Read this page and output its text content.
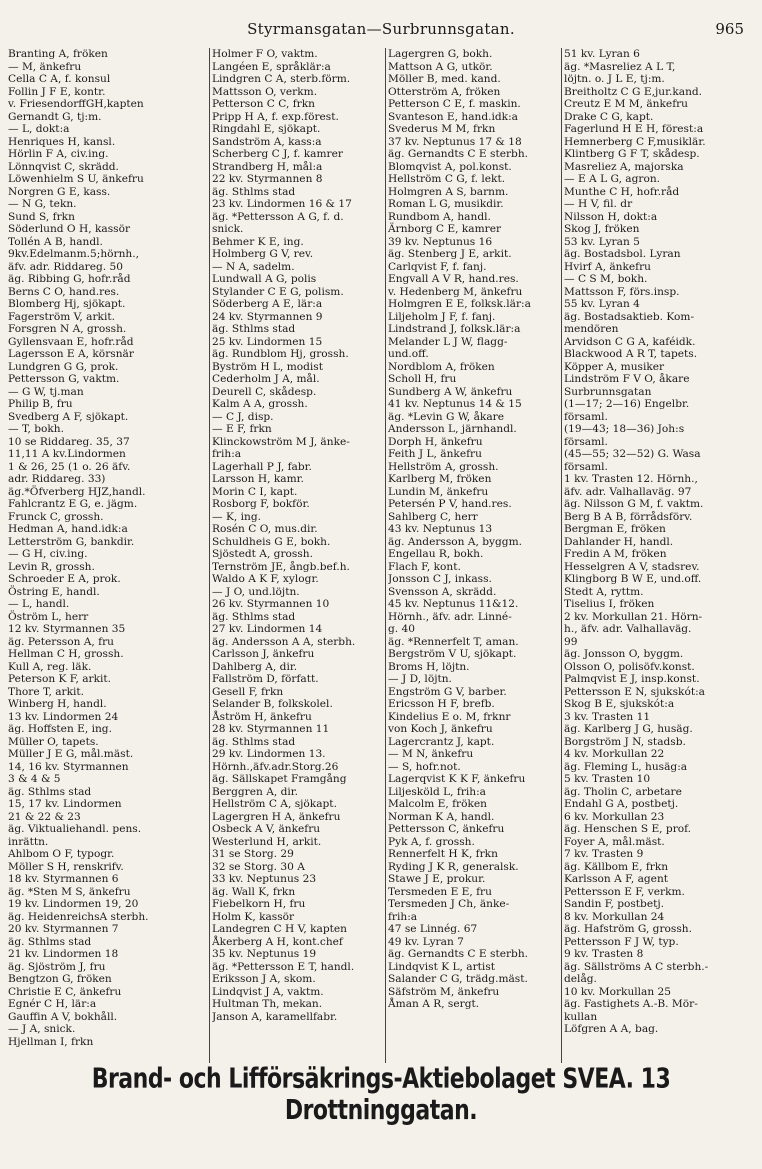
Styrmansgatan—Surbrunnsgatan.	965
Branting A, fröken
— M, änkefru
Cella C A, f. konsul
Follin J F E, kontr.
v. FriesendorffGH,kapten
Gernandt G, tj:m.
— L, dokt:a
Henriques H, kansl.
Hörlin F A, civ.ing.
Lönnqvist C, skrädd.
Löwenhielm S U, änkefru
Norgren G E, kass.
— N G, tekn.
Sund S, frkn
Söderlund O H, kassör
Tollén A B, handl.
9kv.Edelmanm.5;hörnh.,
äfv. adr. Riddareg. 50
äg. Ribbing G, hofr.råd
Berns C O, hand.res.
Blomberg Hj, sjökapt.
Fagerström V, arkit.
Forsgren N A, grossh.
Gyllensvaan E, hofr.råd
Lagersson E A, körsnär
Lundgren G G, prok.
Pettersson G, vaktm.
— G W, tj.man
Philip B, fru
Svedberg A F, sjökapt.
— T, bokh.
10 se Riddareg. 35, 37
11,11 A kv.Lindormen
1 & 26, 25 (1 o. 26 äfv.
adr. Riddareg. 33)
äg.*Öfverberg HJZ,handl.
Fahlcrantz E G, e. jägm.
Frunck C, grossh.
Hedman A, hand.idk:a
Letterström G, bankdir.
— G H, civ.ing.
Levin R, grossh.
Schroeder E A, prok.
Östring E, handl.
— L, handl.
Öström L, herr
12 kv. Styrmannen 35
äg. Petersson A, fru
Hellman C H, grossh.
Kull A, reg. läk.
Peterson K F, arkit.
Thore T, arkit.
Winberg H, handl.
13 kv. Lindormen 24
äg. Hoffsten E, ing.
Müller O, tapets.
Müller J E G, mål.mäst.
14, 16 kv. Styrmannen
3 & 4 & 5
äg. Sthlms stad
15, 17 kv. Lindormen
21 & 22 & 23
äg. Viktualiehandl. pens.
inrättn.
Ahlbom O F, typogr.
Möller S H, renskrifv.
18 kv. Styrmannen 6
äg. *Sten M S, änkefru
19 kv. Lindormen 19, 20
äg. HeidenreichsA sterbh.
20 kv. Styrmannen 7
äg. Sthlms stad
21 kv. Lindormen 18
äg. Sjöström J, fru
Bengtzon G, fröken
Christie E C, änkefru
Egnér C H, lär:a
Gauffin A V, bokhåll.
— J A, snick.
Hjellman I, frkn
Holmer F O, vaktm.
Langéen E, språklär:a
Lindgren C A, sterb.förm.
Mattsson O, verkm.
Petterson C C, frkn
Pripp H A, f. exp.förest.
Ringdahl E, sjökapt.
Sandström A, kass:a
Scherberg C J, f. kamrer
Strandberg H, mål:a
22 kv. Styrmannen 8
äg. Sthlms stad
23 kv. Lindormen 16 & 17
äg. *Pettersson A G, f. d.
snick.
Behmer K E, ing.
Holmberg G V, rev.
— N A, sadelm.
Lundwall A G, polis
Stylander C E G, polism.
Söderberg A E, lär:a
24 kv. Styrmannen 9
äg. Sthlms stad
25 kv. Lindormen 15
äg. Rundblom Hj, grossh.
Byström H L, modist
Cederholm J A, mål.
Deurell C, skådesp.
Kalm A A, grossh.
— C J, disp.
— E F, frkn
Klinckowström M J, änke-
frih:a
Lagerhall P J, fabr.
Larsson H, kamr.
Morin C I, kapt.
Rosborg F, bokför.
— K, ing.
Rosén C O, mus.dir.
Schuldheis G E, bokh.
Sjöstedt A, grossh.
Ternström JE, ångb.bef.h.
Waldo A K F, xylogr.
— J O, und.löjtn.
26 kv. Styrmannen 10
äg. Sthlms stad
27 kv. Lindormen 14
äg. Andersson A A, sterbh.
Carlsson J, änkefru
Dahlberg A, dir.
Fallström D, författ.
Gesell F, frkn
Selander B, folkskolel.
Åström H, änkefru
28 kv. Styrmannen 11
äg. Sthlms stad
29 kv. Lindormen 13.
Hörnh.,äfv.adr.Storg.26
äg. Sällskapet Framgång
Berggren A, dir.
Hellström C A, sjökapt.
Lagergren H A, änkefru
Osbeck A V, änkefru
Westerlund H, arkit.
31 se Storg. 29
32 se Storg. 30 A
33 kv. Neptunus 23
äg. Wall K, frkn
Fiebelkorn H, fru
Holm K, kassör
Landegren C H V, kapten
Åkerberg A H, kont.chef
35 kv. Neptunus 19
äg. *Pettersson E T, handl.
Eriksson J A, skom.
Lindqvist J A, vaktm.
Hultman Th, mekan.
Janson A, karamellfabr.
Lagergren G, bokh.
Mattson A G, utkör.
Möller B, med. kand.
Otterström A, fröken
Petterson C E, f. maskin.
Svanteson E, hand.idk:a
Svederus M M, frkn
37 kv. Neptunus 17 & 18
äg. Gernandts C E sterbh.
Blomqvist A, pol.konst.
Hellström C G, f. lekt.
Holmgren A S, barnm.
Roman L G, musikdir.
Rundbom A, handl.
Ärnborg C E, kamrer
39 kv. Neptunus 16
äg. Stenberg J E, arkit.
Carlqvist F, f. fanj.
Engvall A V R, hand.res.
v. Hedenberg M, änkefru
Holmgren E E, folksk.lär:a
Liljeholm J F, f. fanj.
Lindstrand J, folksk.lär:a
Melander L J W, flagg-
und.off.
Nordblom A, fröken
Scholl H, fru
Sundberg A W, änkefru
41 kv. Neptunus 14 & 15
äg. *Levin G W, åkare
Andersson L, järnhandl.
Dorph H, änkefru
Feith J L, änkefru
Hellström A, grossh.
Karlberg M, fröken
Lundin M, änkefru
Petersén P V, hand.res.
Sahlberg C, herr
43 kv. Neptunus 13
äg. Andersson A, byggm.
Engellau R, bokh.
Flach F, kont.
Jonsson C J, inkass.
Svensson A, skrädd.
45 kv. Neptunus 11&12.
Hörnh., äfv. adr. Linné-
g. 40
äg. *Rennerfelt T, aman.
Bergström V U, sjökapt.
Broms H, löjtn.
— J D, löjtn.
Engström G V, barber.
Ericsson H F, brefb.
Kindelius E o. M, frknr
von Koch J, änkefru
Lagercrantz J, kapt.
— M N, änkefru
— S, hofr.not.
Lagerqvist K K F, änkefru
Liljesköld L, frih:a
Malcolm E, fröken
Norman K A, handl.
Pettersson C, änkefru
Pyk A, f. grossh.
Rennerfelt H K, frkn
Ryding J K R, generalsk.
Stawe J E, prokur.
Tersmeden E E, fru
Tersmeden J Ch, änke-
frih:a
47 se Linnég. 67
49 kv. Lyran 7
äg. Gernandts C E sterbh.
Lindqvist K L, artist
Salander C G, trädg.mäst.
Säfström M, änkefru
Åman A R, sergt.
51 kv. Lyran 6
äg. *Masreliez A L T,
löjtn. o. J L E, tj:m.
Breitholtz C G E,jur.kand.
Creutz E M M, änkefru
Drake C G, kapt.
Fagerlund H E H, förest:a
Hemnerberg C F,musiklär.
Klintberg G F T, skådesp.
Masreliez A, majorska
— E A L G, agron.
Munthe C H, hofr.råd
— H V, fil. dr
Nilsson H, dokt:a
Skog J, fröken
53 kv. Lyran 5
äg. Bostadsbol. Lyran
Hvirf A, änkefru
— C S M, bokh.
Mattsson F, förs.insp.
55 kv. Lyran 4
äg. Bostadsaktieb. Kom-
mendören
Arvidson C G A, kaféidk.
Blackwood A R T, tapets.
Köpper A, musiker
Lindström F V O, åkare
Surbrunnsgatan
(1—17; 2—16) Engelbr.
församl.
(19—43; 18—36) Joh:s
församl.
(45—55; 32—52) G. Wasa
församl.
1 kv. Trasten 12. Hörnh.,
äfv. adr. Valhallaväg. 97
äg. Nilsson G M, f. vaktm.
Berg B A B, förrådsförv.
Bergman E, fröken
Dahlander H, handl.
Fredin A M, fröken
Hesselgren A V, stadsrev.
Klingborg B W E, und.off.
Stedt A, ryttm.
Tiselius I, fröken
2 kv. Morkullan 21. Hörn-
h., äfv. adr. Valhallaväg.
99
äg. Jonsson O, byggm.
Olsson O, polisöfv.konst.
Palmqvist E J, insp.konst.
Pettersson E N, sjukskót:a
Skog B E, sjukskót:a
3 kv. Trasten 11
äg. Karlberg J G, husäg.
Borgström J N, stadsb.
4 kv. Morkullan 22
äg. Fleming L, husäg:a
5 kv. Trasten 10
äg. Tholin C, arbetare
Endahl G A, postbetj.
6 kv. Morkullan 23
äg. Henschen S E, prof.
Foyer A, mål.mäst.
7 kv. Trasten 9
äg. Källbom E, frkn
Karlsson A F, agent
Pettersson E F, verkm.
Sandin F, postbetj.
8 kv. Morkullan 24
äg. Hafström G, grossh.
Pettersson F J W, typ.
9 kv. Trasten 8
äg. Sällströms A C sterbh.-
delåg.
10 kv. Morkullan 25
äg. Fastighets A.-B. Mör-
kullan
Löfgren A A, bag.
Brand- och Lifförsäkrings-Aktiebolaget SVEA. 13 Drottninggatan.
